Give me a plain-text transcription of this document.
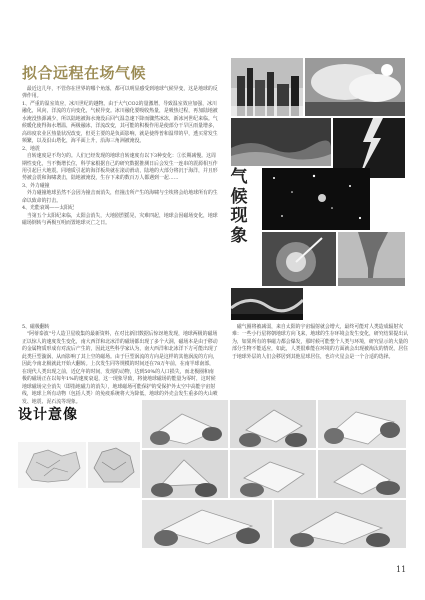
拟合远程在场气候

最近这几年，不管你在世界的哪个角落，都可以明显感受到地球气候异变，这是地球的反弹作用。

1、严重的温室效应，冰川世纪的越物。由于大气CO2的量激增，导致温室效应加强，冰川融化，风向，洋流的方向变化，气候异变。冰川融化要吸收热量，是吸热过程，再加陆地被水淹没热源减少，所以陆地被海水淹没后回气温急速下降而骤然冰冻，新冰河世纪来临。气候暖化使得海水增温，两极融冰，洋流改变，其可能的积极作用是使部分干旱区雨量增多，高纬度农业区热量状况改变，但更主要的是负面影响，就是使得普和温带的早，透买常发生频繁，以及沿山塔化，海平面上升，沿海三角洲被淹没。

2、地震

自转速度是不均匀的。人们已经发现的地球自转速度有以下3种变化：①长期减慢。这周期性变化，当不衡增长位，科学家根据自己的研究数据推测日后会发生一连串的震源相互作用引起巨大地震。同地质引起的海洋板块就在滚动滑动，陆地的大部分将沉于海洋，并且形势被会震和海啸袭击，陆地被淹没，生存下来的数百万人都遇到一起……

3、外力碰撞

外力碰撞地球虽然不会因为撞击而消失，但撞击所产生的海啸与尘埃将会给地球所有的生命以致命的打击。

4、光能衰竭——太阳纪

当第五个太阳纪来临，太阳会消失，大地剧烈摇晃，灾难四起，地球会因磁场变化，地球磁场倒转与两极互明而置地球灭亡之日。

5、磁极翻转

"阿蒂泰波"号人造卫星收集的最新资料，在对比新旧数据后惊讶地发现，地球两极的磁场正以惊人的速度发生变化，南大西洋和北冰洋的磁场都出现了多个大洞，磁场本是由于移动的金属物质形成有对流后产生的，因此这些科学家认为，南大西洋和北冰洋下方可能出现了此类巨型漩涡，从而影响了其上空的磁场。由于巨型涡流的方向是这样的其他涡流的方向，因此今南北极就此开始大翻转。上次发生同等规模的时间还在78万年前，在南半球南部，在现代人类出现之前，近亿年的时间，发现的动物，达到50%的人口损失，而北极圈和南极的磁场正在以每年1%的速度衰退，这一现象导致，将使地球磁场的能量为零时，这时候地球磁场完全消失（即指地磁力的消失），地球磁场可能保护的受保护外太空中高能宇宙射线，地球上所有动物（包括人类）的免疫系统将大为降低，地球的外壳会发生重多的火山喷发、地震、泥石流等现象。

磁气圈将被减弱，来自太阳的宇宙辐射就会增大，最终可能对人类造成辐射灾难：一些小行星将朝地球方向飞来，地球的生存环境会发生变化，研究结果提出认为，如果所有的事磁力都会爆发，那时候可能整个人类与环境，研究显示的大量的部分生物不能适应，如此，人类很难能在环境的方面就会出现被淘汰的情况，居住于地球外层的人们会移居到其他星球居住，也许火星会是一个合适的选择。

气
候
现
象
设计意像
11
